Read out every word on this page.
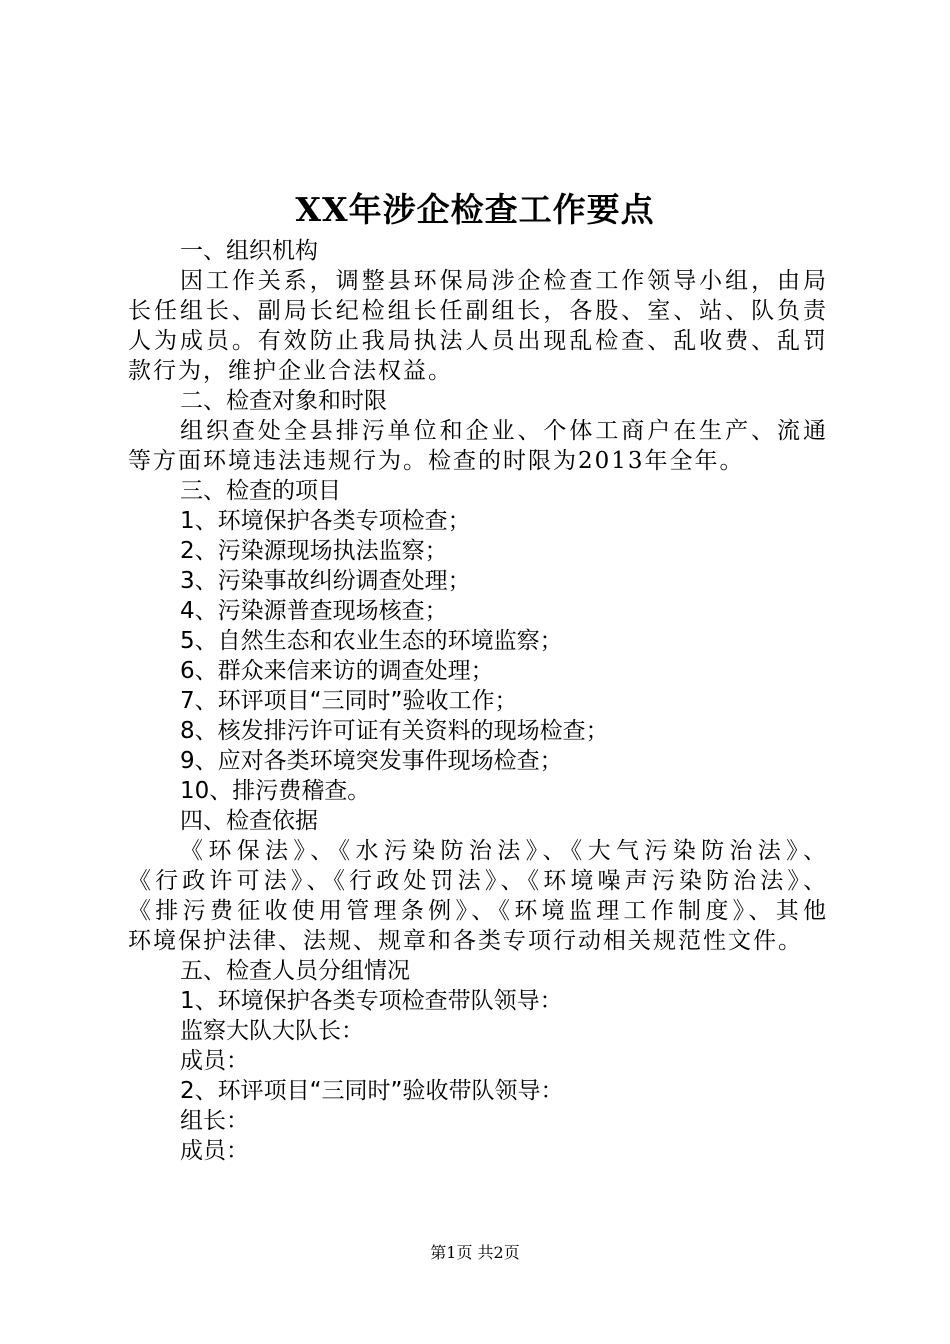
XX年涉企检查工作要点
一、组织机构
因工作关系，调整县环保局涉企检查工作领导小组，由局
长任组长、副局长纪检组长任副组长，各股、室、站、队负责
人为成员。有效防止我局执法人员出现乱检查、乱收费、乱罚
款行为，维护企业合法权益。
二、检查对象和时限
组织查处全县排污单位和企业、个体工商户在生产、流通
等方面环境违法违规行为。检查的时限为2013年全年。
三、检查的项目
1、环境保护各类专项检查；
2、污染源现场执法监察；
3、污染事故纠纷调查处理；
4、污染源普查现场核查；
5、自然生态和农业生态的环境监察；
6、群众来信来访的调查处理；
7、环评项目“三同时”验收工作；
8、核发排污许可证有关资料的现场检查；
9、应对各类环境突发事件现场检查；
10、排污费稽查。
四、检查依据
《环保法》、《水污染防治法》、《大气污染防治法》、
《行政许可法》、《行政处罚法》、《环境噪声污染防治法》、
《排污费征收使用管理条例》、《环境监理工作制度》、其他
环境保护法律、法规、规章和各类专项行动相关规范性文件。
五、检查人员分组情况
1、环境保护各类专项检查带队领导：
监察大队大队长：
成员：
2、环评项目“三同时”验收带队领导：
组长：
成员：
第1页 共2页
